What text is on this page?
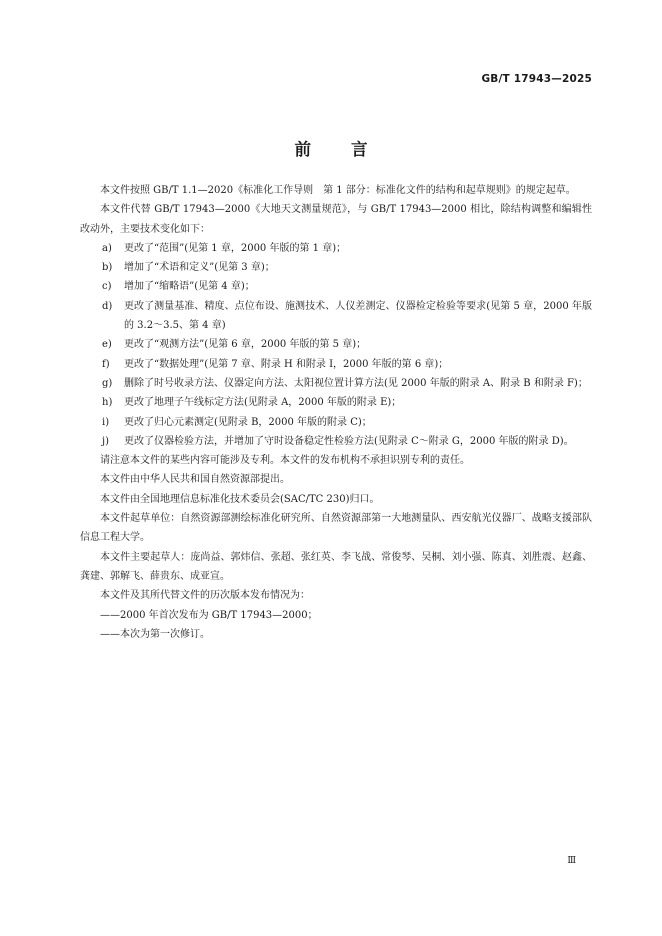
GB/T 17943—2025
前 言

本文件按照 GB/T 1.1—2020《标准化工作导则　第 1 部分：标准化文件的结构和起草规则》的规定起草。

本文件代替 GB/T 17943—2000《大地天文测量规范》，与 GB/T 17943—2000 相比，除结构调整和编辑性改动外，主要技术变化如下：

a) 更改了“范围”(见第 1 章，2000 年版的第 1 章)；

b) 增加了“术语和定义”(见第 3 章)；

c) 增加了“缩略语”(见第 4 章)；

d) 更改了测量基准、精度、点位布设、施测技术、人仪差测定、仪器检定检验等要求(见第 5 章，2000 年版的 3.2～3.5、第 4 章)

e) 更改了“观测方法”(见第 6 章，2000 年版的第 5 章)；

f) 更改了“数据处理”(见第 7 章、附录 H 和附录 I，2000 年版的第 6 章)；

g) 删除了时号收录方法、仪器定向方法、太阳视位置计算方法(见 2000 年版的附录 A、附录 B 和附录 F)；

h) 更改了地理子午线标定方法(见附录 A，2000 年版的附录 E)；

i) 更改了归心元素测定(见附录 B，2000 年版的附录 C)；

j) 更改了仪器检验方法，并增加了守时设备稳定性检验方法(见附录 C～附录 G，2000 年版的附录 D)。

请注意本文件的某些内容可能涉及专利。本文件的发布机构不承担识别专利的责任。

本文件由中华人民共和国自然资源部提出。

本文件由全国地理信息标准化技术委员会(SAC/TC 230)归口。

本文件起草单位：自然资源部测绘标准化研究所、自然资源部第一大地测量队、西安航光仪器厂、战略支援部队信息工程大学。

本文件主要起草人：庞尚益、郭炜信、张超、张红英、李飞战、常俊琴、吴桐、刘小强、陈真、刘胜震、赵鑫、龚建、郭解飞、薛贵东、成亚宣。

本文件及其所代替文件的历次版本发布情况为：

——2000 年首次发布为 GB/T 17943—2000；

——本次为第一次修订。

Ⅲ
